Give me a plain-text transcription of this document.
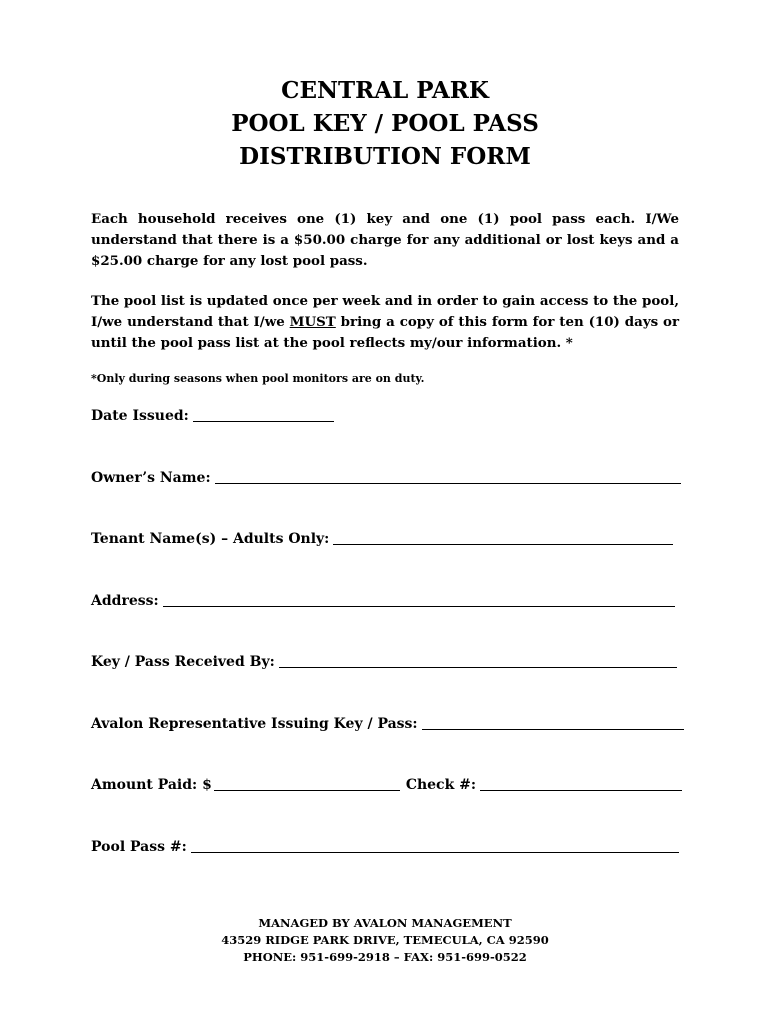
CENTRAL PARK
POOL KEY / POOL PASS
DISTRIBUTION FORM
Each household receives one (1) key and one (1) pool pass each. I/We understand that there is a $50.00 charge for any additional or lost keys and a $25.00 charge for any lost pool pass.
The pool list is updated once per week and in order to gain access to the pool, I/we understand that I/we MUST bring a copy of this form for ten (10) days or until the pool pass list at the pool reflects my/our information. *
*Only during seasons when pool monitors are on duty.
Date Issued:
Owner’s Name:
Tenant Name(s) – Adults Only:
Address:
Key / Pass Received By:
Avalon Representative Issuing Key / Pass:
Amount Paid: $	Check #:
Pool Pass #:
MANAGED BY AVALON MANAGEMENT
43529 RIDGE PARK DRIVE, TEMECULA, CA 92590
PHONE: 951-699-2918 – FAX: 951-699-0522
